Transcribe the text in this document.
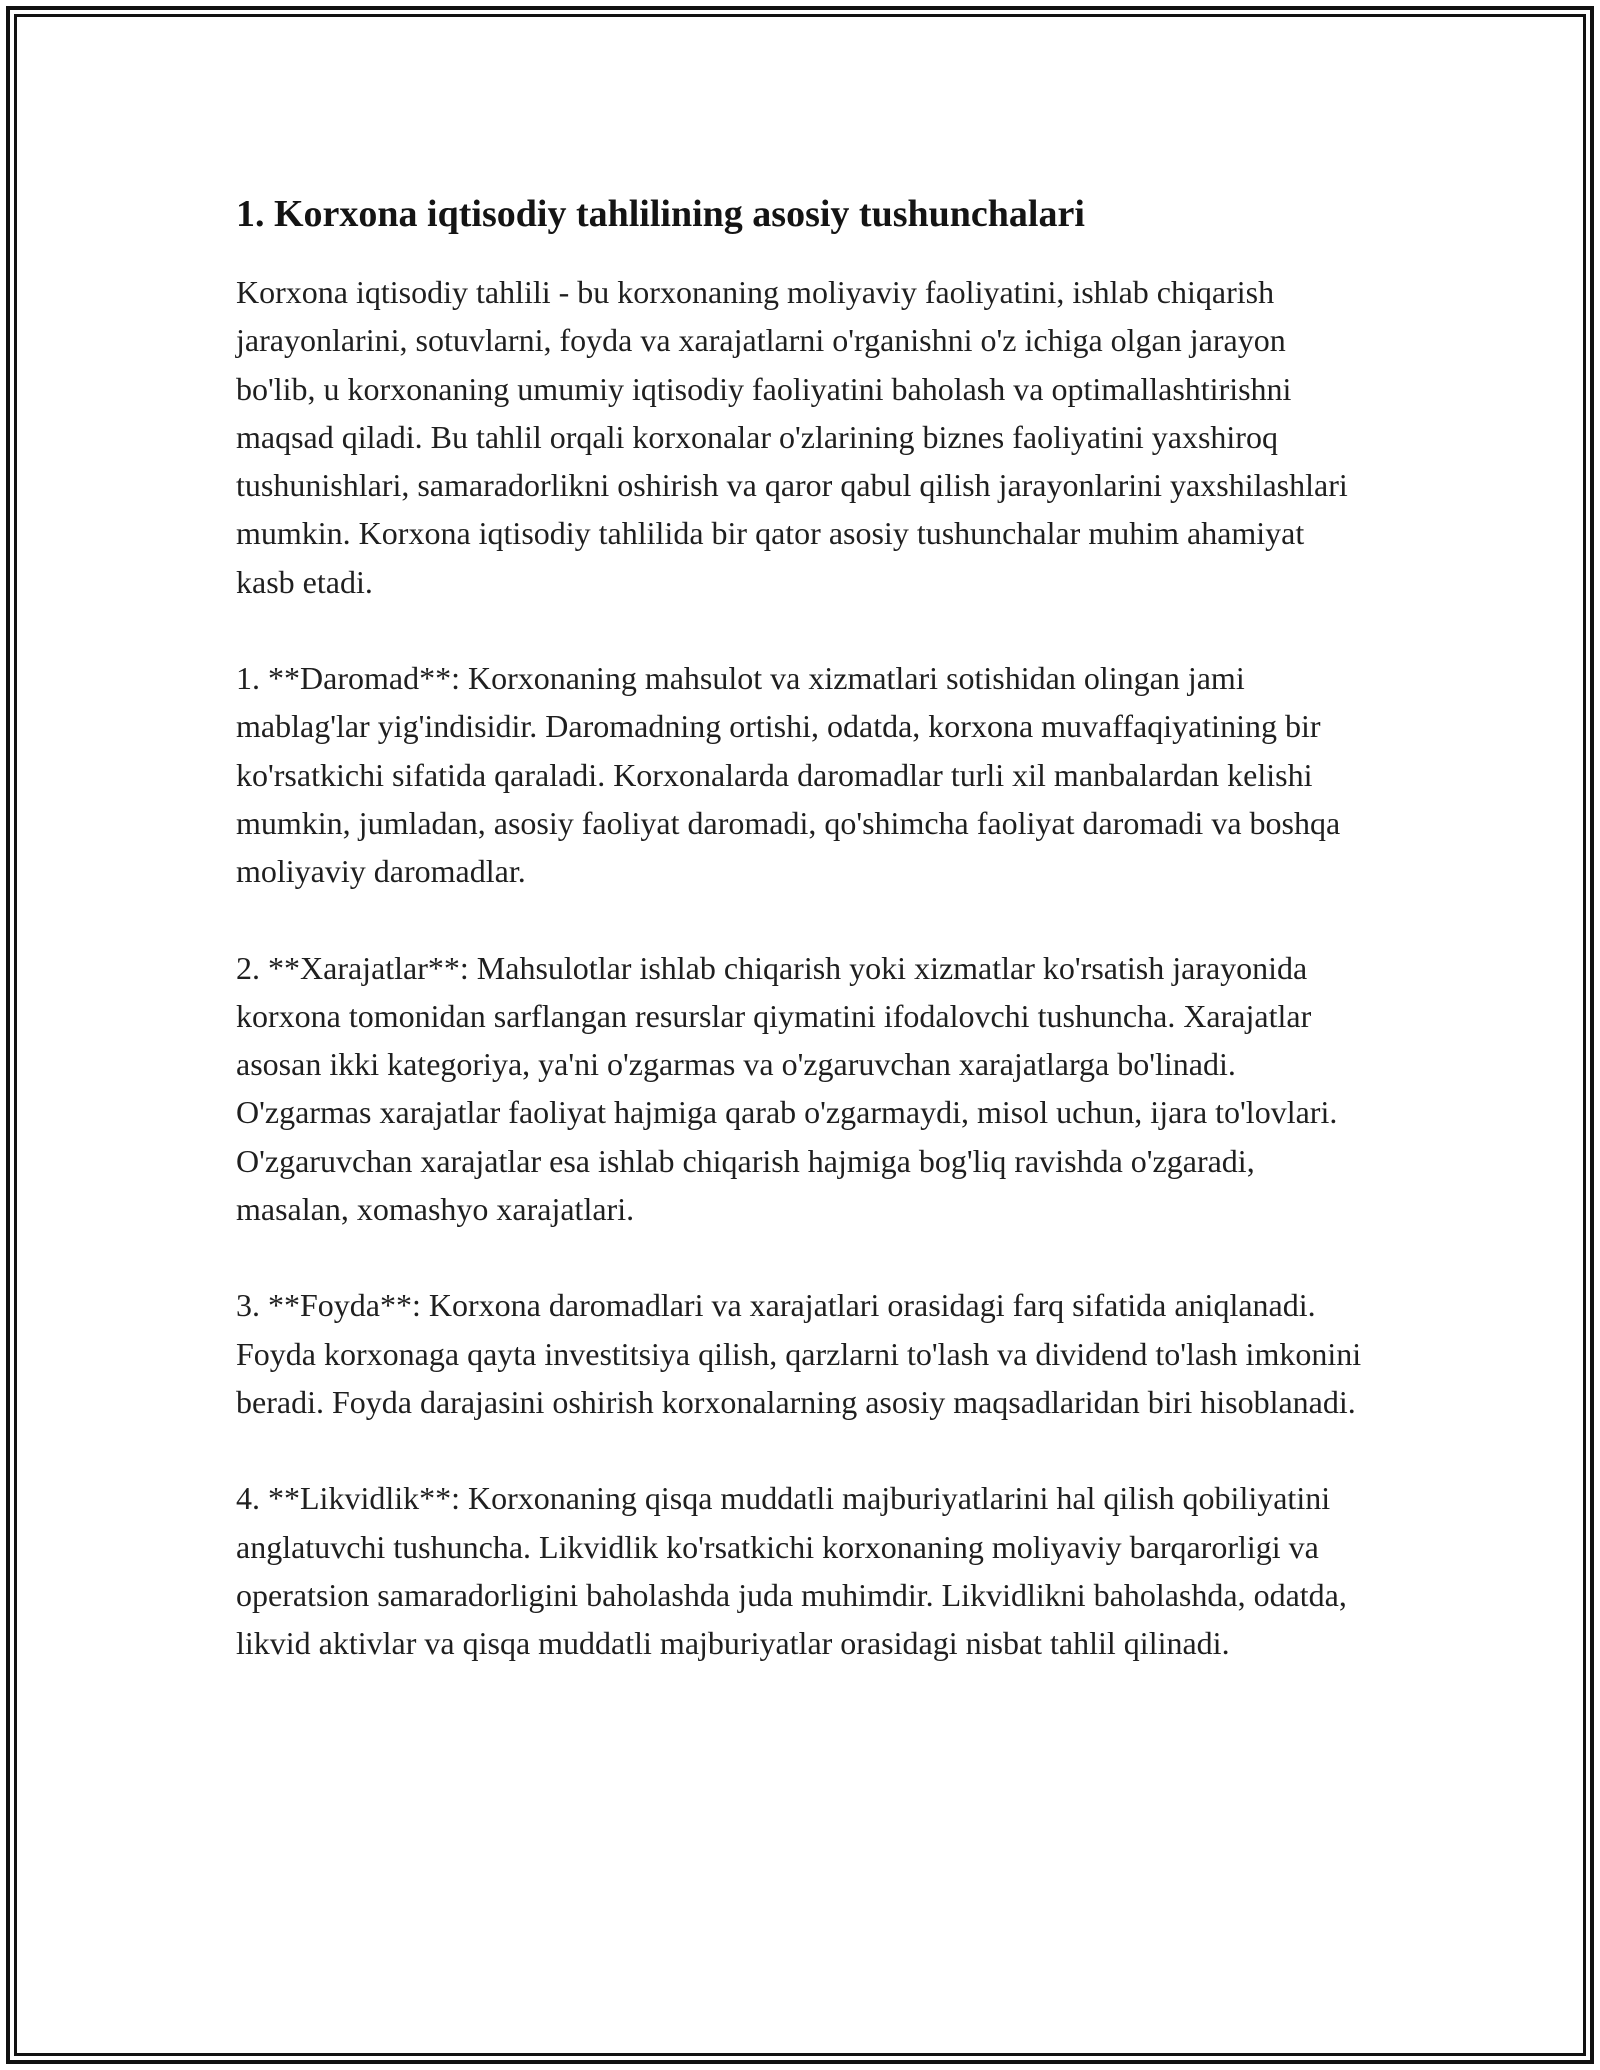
1. Korxona iqtisodiy tahlilining asosiy tushunchalari

Korxona iqtisodiy tahlili - bu korxonaning moliyaviy faoliyatini, ishlab chiqarish jarayonlarini, sotuvlarni, foyda va xarajatlarni o'rganishni o'z ichiga olgan jarayon bo'lib, u korxonaning umumiy iqtisodiy faoliyatini baholash va optimallashtirishni maqsad qiladi. Bu tahlil orqali korxonalar o'zlarining biznes faoliyatini yaxshiroq tushunishlari, samaradorlikni oshirish va qaror qabul qilish jarayonlarini yaxshilashlari mumkin. Korxona iqtisodiy tahlilida bir qator asosiy tushunchalar muhim ahamiyat kasb etadi.

1. **Daromad**: Korxonaning mahsulot va xizmatlari sotishidan olingan jami mablag'lar yig'indisidir. Daromadning ortishi, odatda, korxona muvaffaqiyatining bir ko'rsatkichi sifatida qaraladi. Korxonalarda daromadlar turli xil manbalardan kelishi mumkin, jumladan, asosiy faoliyat daromadi, qo'shimcha faoliyat daromadi va boshqa moliyaviy daromadlar.

2. **Xarajatlar**: Mahsulotlar ishlab chiqarish yoki xizmatlar ko'rsatish jarayonida korxona tomonidan sarflangan resurslar qiymatini ifodalovchi tushuncha. Xarajatlar asosan ikki kategoriya, ya'ni o'zgarmas va o'zgaruvchan xarajatlarga bo'linadi. O'zgarmas xarajatlar faoliyat hajmiga qarab o'zgarmaydi, misol uchun, ijara to'lovlari. O'zgaruvchan xarajatlar esa ishlab chiqarish hajmiga bog'liq ravishda o'zgaradi, masalan, xomashyo xarajatlari.

3. **Foyda**: Korxona daromadlari va xarajatlari orasidagi farq sifatida aniqlanadi. Foyda korxonaga qayta investitsiya qilish, qarzlarni to'lash va dividend to'lash imkonini beradi. Foyda darajasini oshirish korxonalarning asosiy maqsadlaridan biri hisoblanadi.

4. **Likvidlik**: Korxonaning qisqa muddatli majburiyatlarini hal qilish qobiliyatini anglatuvchi tushuncha. Likvidlik ko'rsatkichi korxonaning moliyaviy barqarorligi va operatsion samaradorligini baholashda juda muhimdir. Likvidlikni baholashda, odatda, likvid aktivlar va qisqa muddatli majburiyatlar orasidagi nisbat tahlil qilinadi.
